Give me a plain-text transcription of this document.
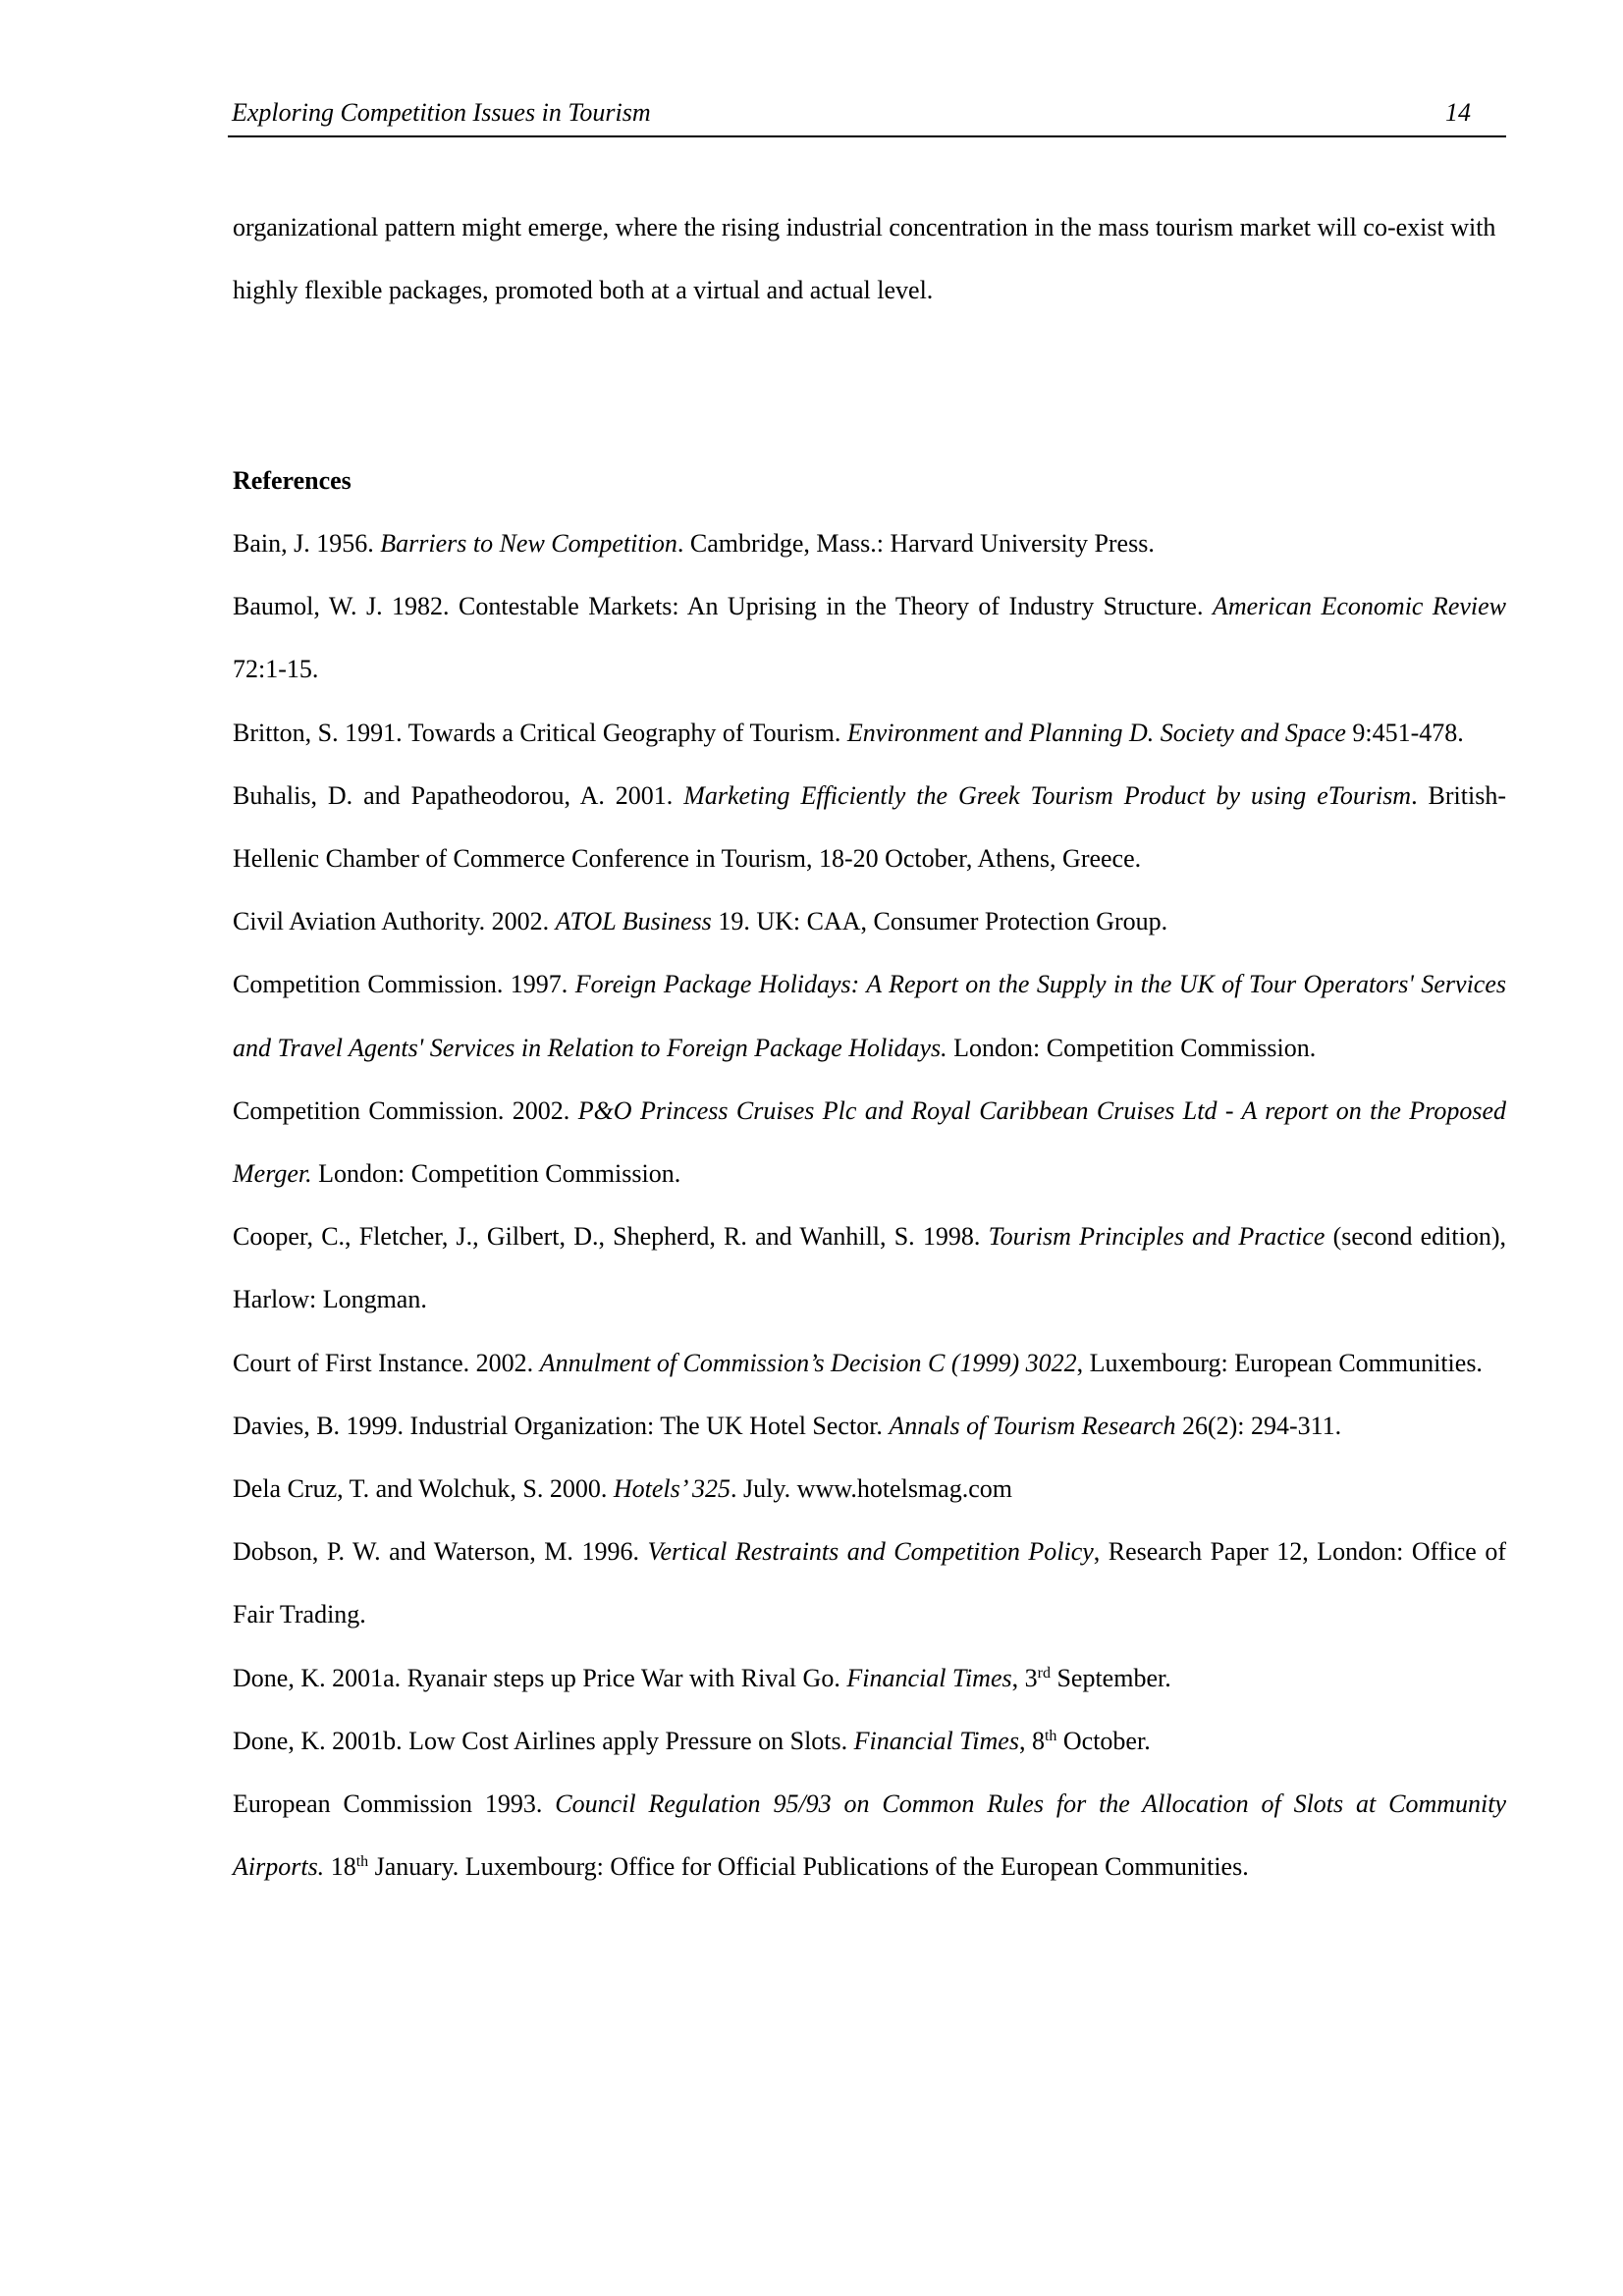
Exploring Competition Issues in Tourism	14

organizational pattern might emerge, where the rising industrial concentration in the mass tourism market will co-exist with highly flexible packages, promoted both at a virtual and actual level.

References
Bain, J. 1956. Barriers to New Competition. Cambridge, Mass.: Harvard University Press.
Baumol, W. J. 1982. Contestable Markets: An Uprising in the Theory of Industry Structure. American Economic Review 72:1-15.
Britton, S. 1991. Towards a Critical Geography of Tourism. Environment and Planning D. Society and Space 9:451-478.
Buhalis, D. and Papatheodorou, A. 2001. Marketing Efficiently the Greek Tourism Product by using eTourism. British-Hellenic Chamber of Commerce Conference in Tourism, 18-20 October, Athens, Greece.
Civil Aviation Authority. 2002. ATOL Business 19. UK: CAA, Consumer Protection Group.
Competition Commission. 1997. Foreign Package Holidays: A Report on the Supply in the UK of Tour Operators' Services and Travel Agents' Services in Relation to Foreign Package Holidays. London: Competition Commission.
Competition Commission. 2002. P&O Princess Cruises Plc and Royal Caribbean Cruises Ltd - A report on the Proposed Merger. London: Competition Commission.
Cooper, C., Fletcher, J., Gilbert, D., Shepherd, R. and Wanhill, S. 1998. Tourism Principles and Practice (second edition), Harlow: Longman.
Court of First Instance. 2002. Annulment of Commission’s Decision C (1999) 3022, Luxembourg: European Communities.
Davies, B. 1999. Industrial Organization: The UK Hotel Sector. Annals of Tourism Research 26(2): 294-311.
Dela Cruz, T. and Wolchuk, S. 2000. Hotels’ 325. July. www.hotelsmag.com
Dobson, P. W. and Waterson, M. 1996. Vertical Restraints and Competition Policy, Research Paper 12, London: Office of Fair Trading.
Done, K. 2001a. Ryanair steps up Price War with Rival Go. Financial Times, 3rd September.
Done, K. 2001b. Low Cost Airlines apply Pressure on Slots. Financial Times, 8th October.
European Commission 1993. Council Regulation 95/93 on Common Rules for the Allocation of Slots at Community Airports. 18th January. Luxembourg: Office for Official Publications of the European Communities.
